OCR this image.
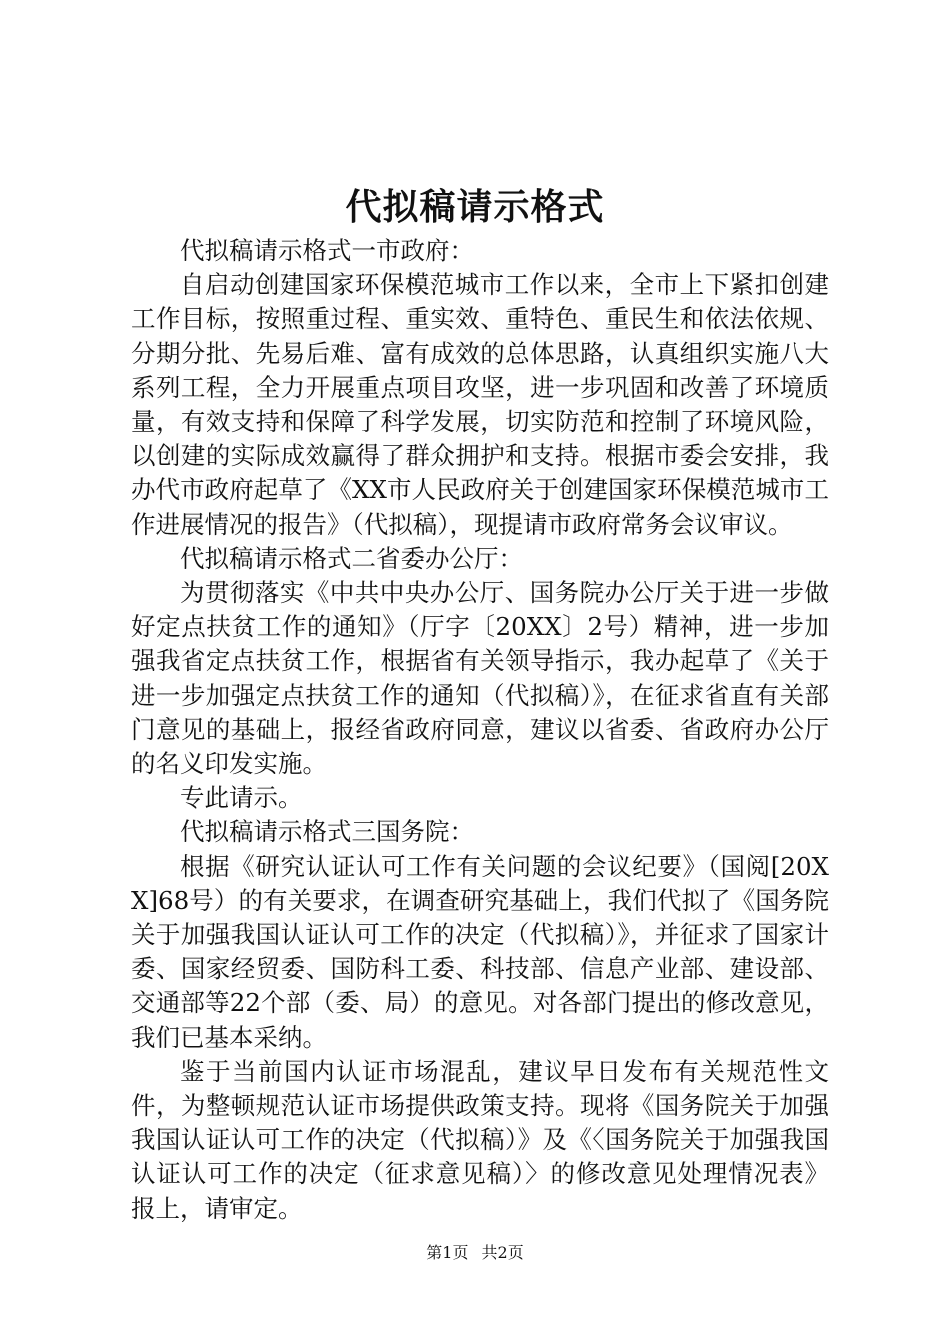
代拟稿请示格式

代拟稿请示格式一市政府：

自启动创建国家环保模范城市工作以来，全市上下紧扣创建工作目标，按照重过程、重实效、重特色、重民生和依法依规、分期分批、先易后难、富有成效的总体思路，认真组织实施八大系列工程，全力开展重点项目攻坚，进一步巩固和改善了环境质量，有效支持和保障了科学发展，切实防范和控制了环境风险，以创建的实际成效赢得了群众拥护和支持。根据市委会安排，我办代市政府起草了《XX市人民政府关于创建国家环保模范城市工作进展情况的报告》（代拟稿），现提请市政府常务会议审议。

代拟稿请示格式二省委办公厅：

为贯彻落实《中共中央办公厅、国务院办公厅关于进一步做好定点扶贫工作的通知》（厅字〔20XX〕2号）精神，进一步加强我省定点扶贫工作，根据省有关领导指示，我办起草了《关于进一步加强定点扶贫工作的通知（代拟稿）》，在征求省直有关部门意见的基础上，报经省政府同意，建议以省委、省政府办公厅的名义印发实施。

专此请示。

代拟稿请示格式三国务院：

根据《研究认证认可工作有关问题的会议纪要》（国阅[20XX]68号）的有关要求，在调查研究基础上，我们代拟了《国务院关于加强我国认证认可工作的决定（代拟稿）》，并征求了国家计委、国家经贸委、国防科工委、科技部、信息产业部、建设部、交通部等22个部（委、局）的意见。对各部门提出的修改意见，我们已基本采纳。

鉴于当前国内认证市场混乱，建议早日发布有关规范性文件，为整顿规范认证市场提供政策支持。现将《国务院关于加强我国认证认可工作的决定（代拟稿）》及《〈国务院关于加强我国认证认可工作的决定（征求意见稿）〉的修改意见处理情况表》报上，请审定。

第1页 共2页
